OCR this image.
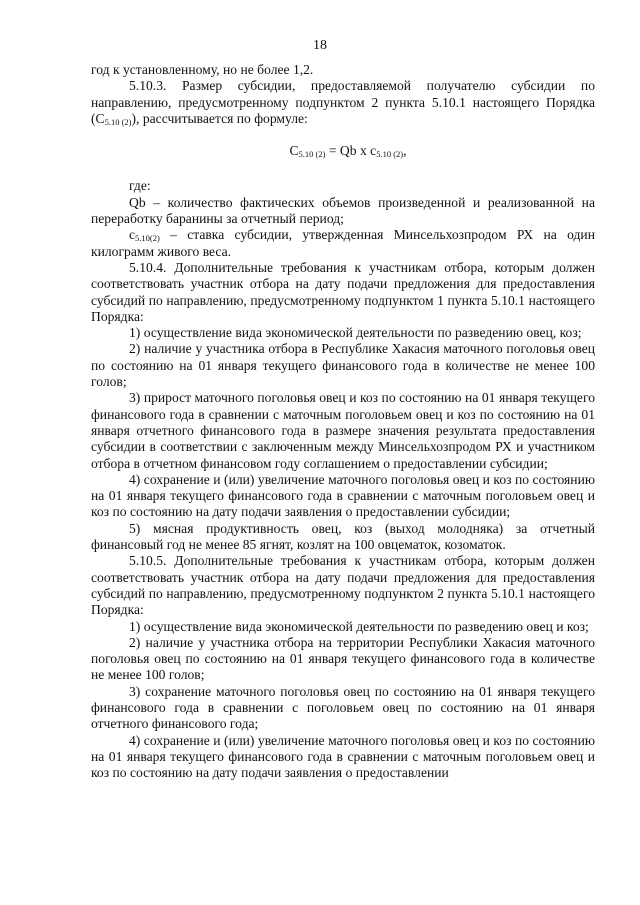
18

год к установленному, но не более 1,2.

5.10.3. Размер субсидии, предоставляемой получателю субсидии по направлению, предусмотренному подпунктом 2 пункта 5.10.1 настоящего Порядка $(C_{5.10 (2)})$, рассчитывается по формуле:

$C_{5.10 (2)} = Qb$ x $c_{5.10 (2)}$,

где:

Qb – количество фактических объемов произведенной и реализованной на переработку баранины за отчетный период;

$c_{5.10(2)}$ – ставка субсидии, утвержденная Минсельхозпродом РХ на один килограмм живого веса.

5.10.4. Дополнительные требования к участникам отбора, которым должен соответствовать участник отбора на дату подачи предложения для предоставления субсидий по направлению, предусмотренному подпунктом 1 пункта 5.10.1 настоящего Порядка:

1) осуществление вида экономической деятельности по разведению овец, коз;

2) наличие у участника отбора в Республике Хакасия маточного поголовья овец по состоянию на 01 января текущего финансового года в количестве не менее 100 голов;

3) прирост маточного поголовья овец и коз по состоянию на 01 января текущего финансового года в сравнении с маточным поголовьем овец и коз по состоянию на 01 января отчетного финансового года в размере значения результата предоставления субсидии в соответствии с заключенным между Минсельхозпродом РХ и участником отбора в отчетном финансовом году соглашением о предоставлении субсидии;

4) сохранение и (или) увеличение маточного поголовья овец и коз по состоянию на 01 января текущего финансового года в сравнении с маточным поголовьем овец и коз по состоянию на дату подачи заявления о предоставлении субсидии;

5) мясная продуктивность овец, коз (выход молодняка) за отчетный финансовый год не менее 85 ягнят, козлят на 100 овцематок, козоматок.

5.10.5. Дополнительные требования к участникам отбора, которым должен соответствовать участник отбора на дату подачи предложения для предоставления субсидий по направлению, предусмотренному подпунктом 2 пункта 5.10.1 настоящего Порядка:

1) осуществление вида экономической деятельности по разведению овец и коз;

2) наличие у участника отбора на территории Республики Хакасия маточного поголовья овец по состоянию на 01 января текущего финансового года в количестве не менее 100 голов;

3) сохранение маточного поголовья овец по состоянию на 01 января текущего финансового года в сравнении с поголовьем овец по состоянию на 01 января отчетного финансового года;

4) сохранение и (или) увеличение маточного поголовья овец и коз по состоянию на 01 января текущего финансового года в сравнении с маточным поголовьем овец и коз по состоянию на дату подачи заявления о предоставлении
